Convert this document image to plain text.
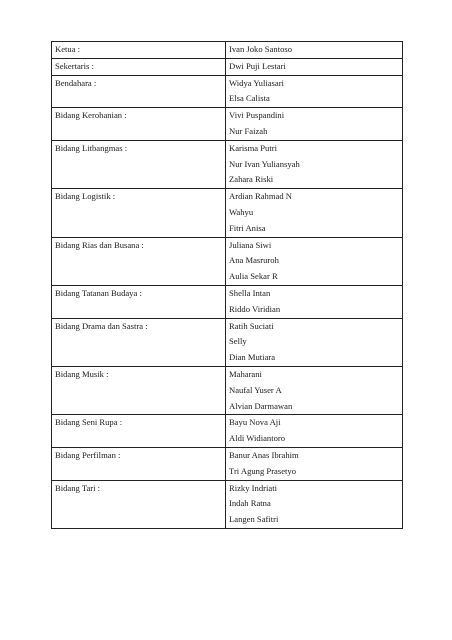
Ketua :	Ivan Joko Santoso

Sekertaris :	Dwi Puji Lestari

Bendahara :	Widya Yuliasari
Elsa Calista

Bidang Kerohanian :	Vivi Puspandini
Nur Faizah

Bidang Litbangmas :	Karisma Putri
Nur Ivan Yuliansyah
Zahara Riski

Bidang Logistik :	Ardian Rahmad N
Wahyu
Fitri Anisa

Bidang Rias dan Busana :	Juliana Siwi
Ana Masruroh
Aulia Sekar R

Bidang Tatanan Budaya :	Shella Intan
Riddo Viridian

Bidang Drama dan Sastra :	Ratih Suciati
Selly
Dian Mutiara

Bidang Musik :	Maharani
Naufal Yuser A
Alvian Darmawan

Bidang Seni Rupa :	Bayu Nova Aji
Aldi Widiantoro

Bidang Perfilman :	Banur Anas Ibrahim
Tri Agung Prasetyo

Bidang Tari :	Rizky Indriati
Indah Ratna
Langen Safitri
